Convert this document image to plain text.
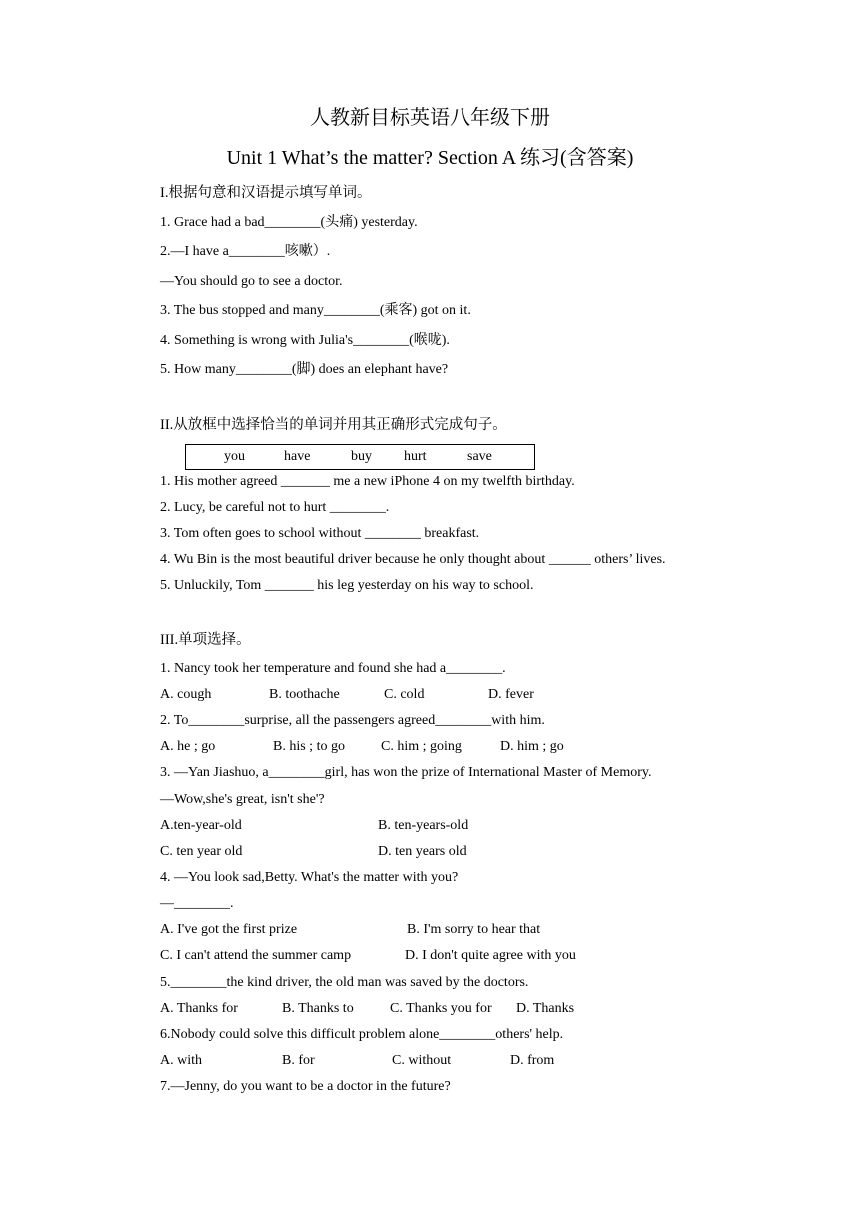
人教新目标英语八年级下册
Unit 1 What’s the matter? Section A 练习(含答案)
I.根据句意和汉语提示填写单词。
1. Grace had a bad________(头痛) yesterday.
2.—I have a________咳嗽）.
—You should go to see a doctor.
3. The bus stopped and many________(乘客) got on it.
4. Something is wrong with Julia's________(喉咙).
5. How many________(脚) does an elephant have?
II.从放框中选择恰当的单词并用其正确形式完成句子。
you	have	buy hurt	save
1. His mother agreed _______ me a new iPhone 4 on my twelfth birthday.
2. Lucy, be careful not to hurt ________.
3. Tom often goes to school without ________ breakfast.
4. Wu Bin is the most beautiful driver because he only thought about ______ others’ lives.
5. Unluckily, Tom _______ his leg yesterday on his way to school.
III.单项选择。
1. Nancy took her temperature and found she had a________.
A. cough	B. toothache	C. cold	D. fever
2. To________surprise, all the passengers agreed________with him.
A. he ; go	B. his ; to go	C. him ; going	D. him ; go
3. —Yan Jiashuo, a________girl, has won the prize of International Master of Memory.
—Wow,she's great, isn't she'?
A.ten-year-old	B. ten-years-old
C. ten year old	D. ten years old
4. —You look sad,Betty. What's the matter with you?
—________.
A. I've got the first prize	B. I'm sorry to hear that
C. I can't attend the summer camp	D. I don't quite agree with you
5.________the kind driver, the old man was saved by the doctors.
A. Thanks for	B. Thanks to	C. Thanks you for D. Thanks
6.Nobody could solve this difficult problem alone________others' help.
A. with	B. for	C. without	D. from
7.—Jenny, do you want to be a doctor in the future?
